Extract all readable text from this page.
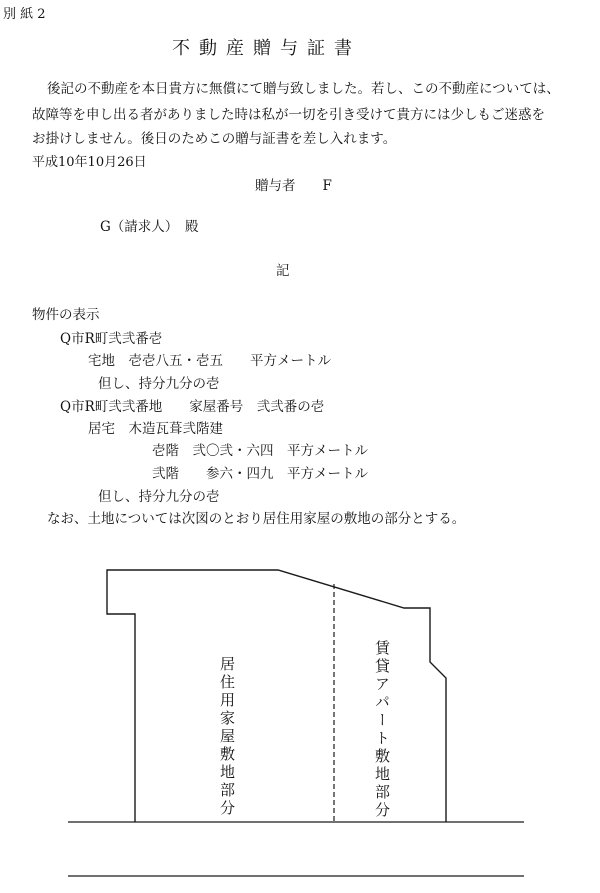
別 紙 2
不動産贈与証書
後記の不動産を本日貴方に無償にて贈与致しました。若し、この不動産については、
故障等を申し出る者がありました時は私が一切を引き受けて貴方には少しもご迷惑を
お掛けしません。後日のためこの贈与証書を差し入れます。
平成10年10月26日
贈与者　　F
G（請求人）　殿
記
物件の表示
Q市R町弐弐番壱
宅地　壱壱八五・壱五　　平方メートル
但し、持分九分の壱
Q市R町弐弐番地　　家屋番号　弐弐番の壱
居宅　木造瓦葺弐階建
壱階　弐〇弐・六四　平方メートル
弐階　　参六・四九　平方メートル
但し、持分九分の壱
なお、土地については次図のとおり居住用家屋の敷地の部分とする。
居住用家屋敷地部分	賃貸アパート敷地部分
